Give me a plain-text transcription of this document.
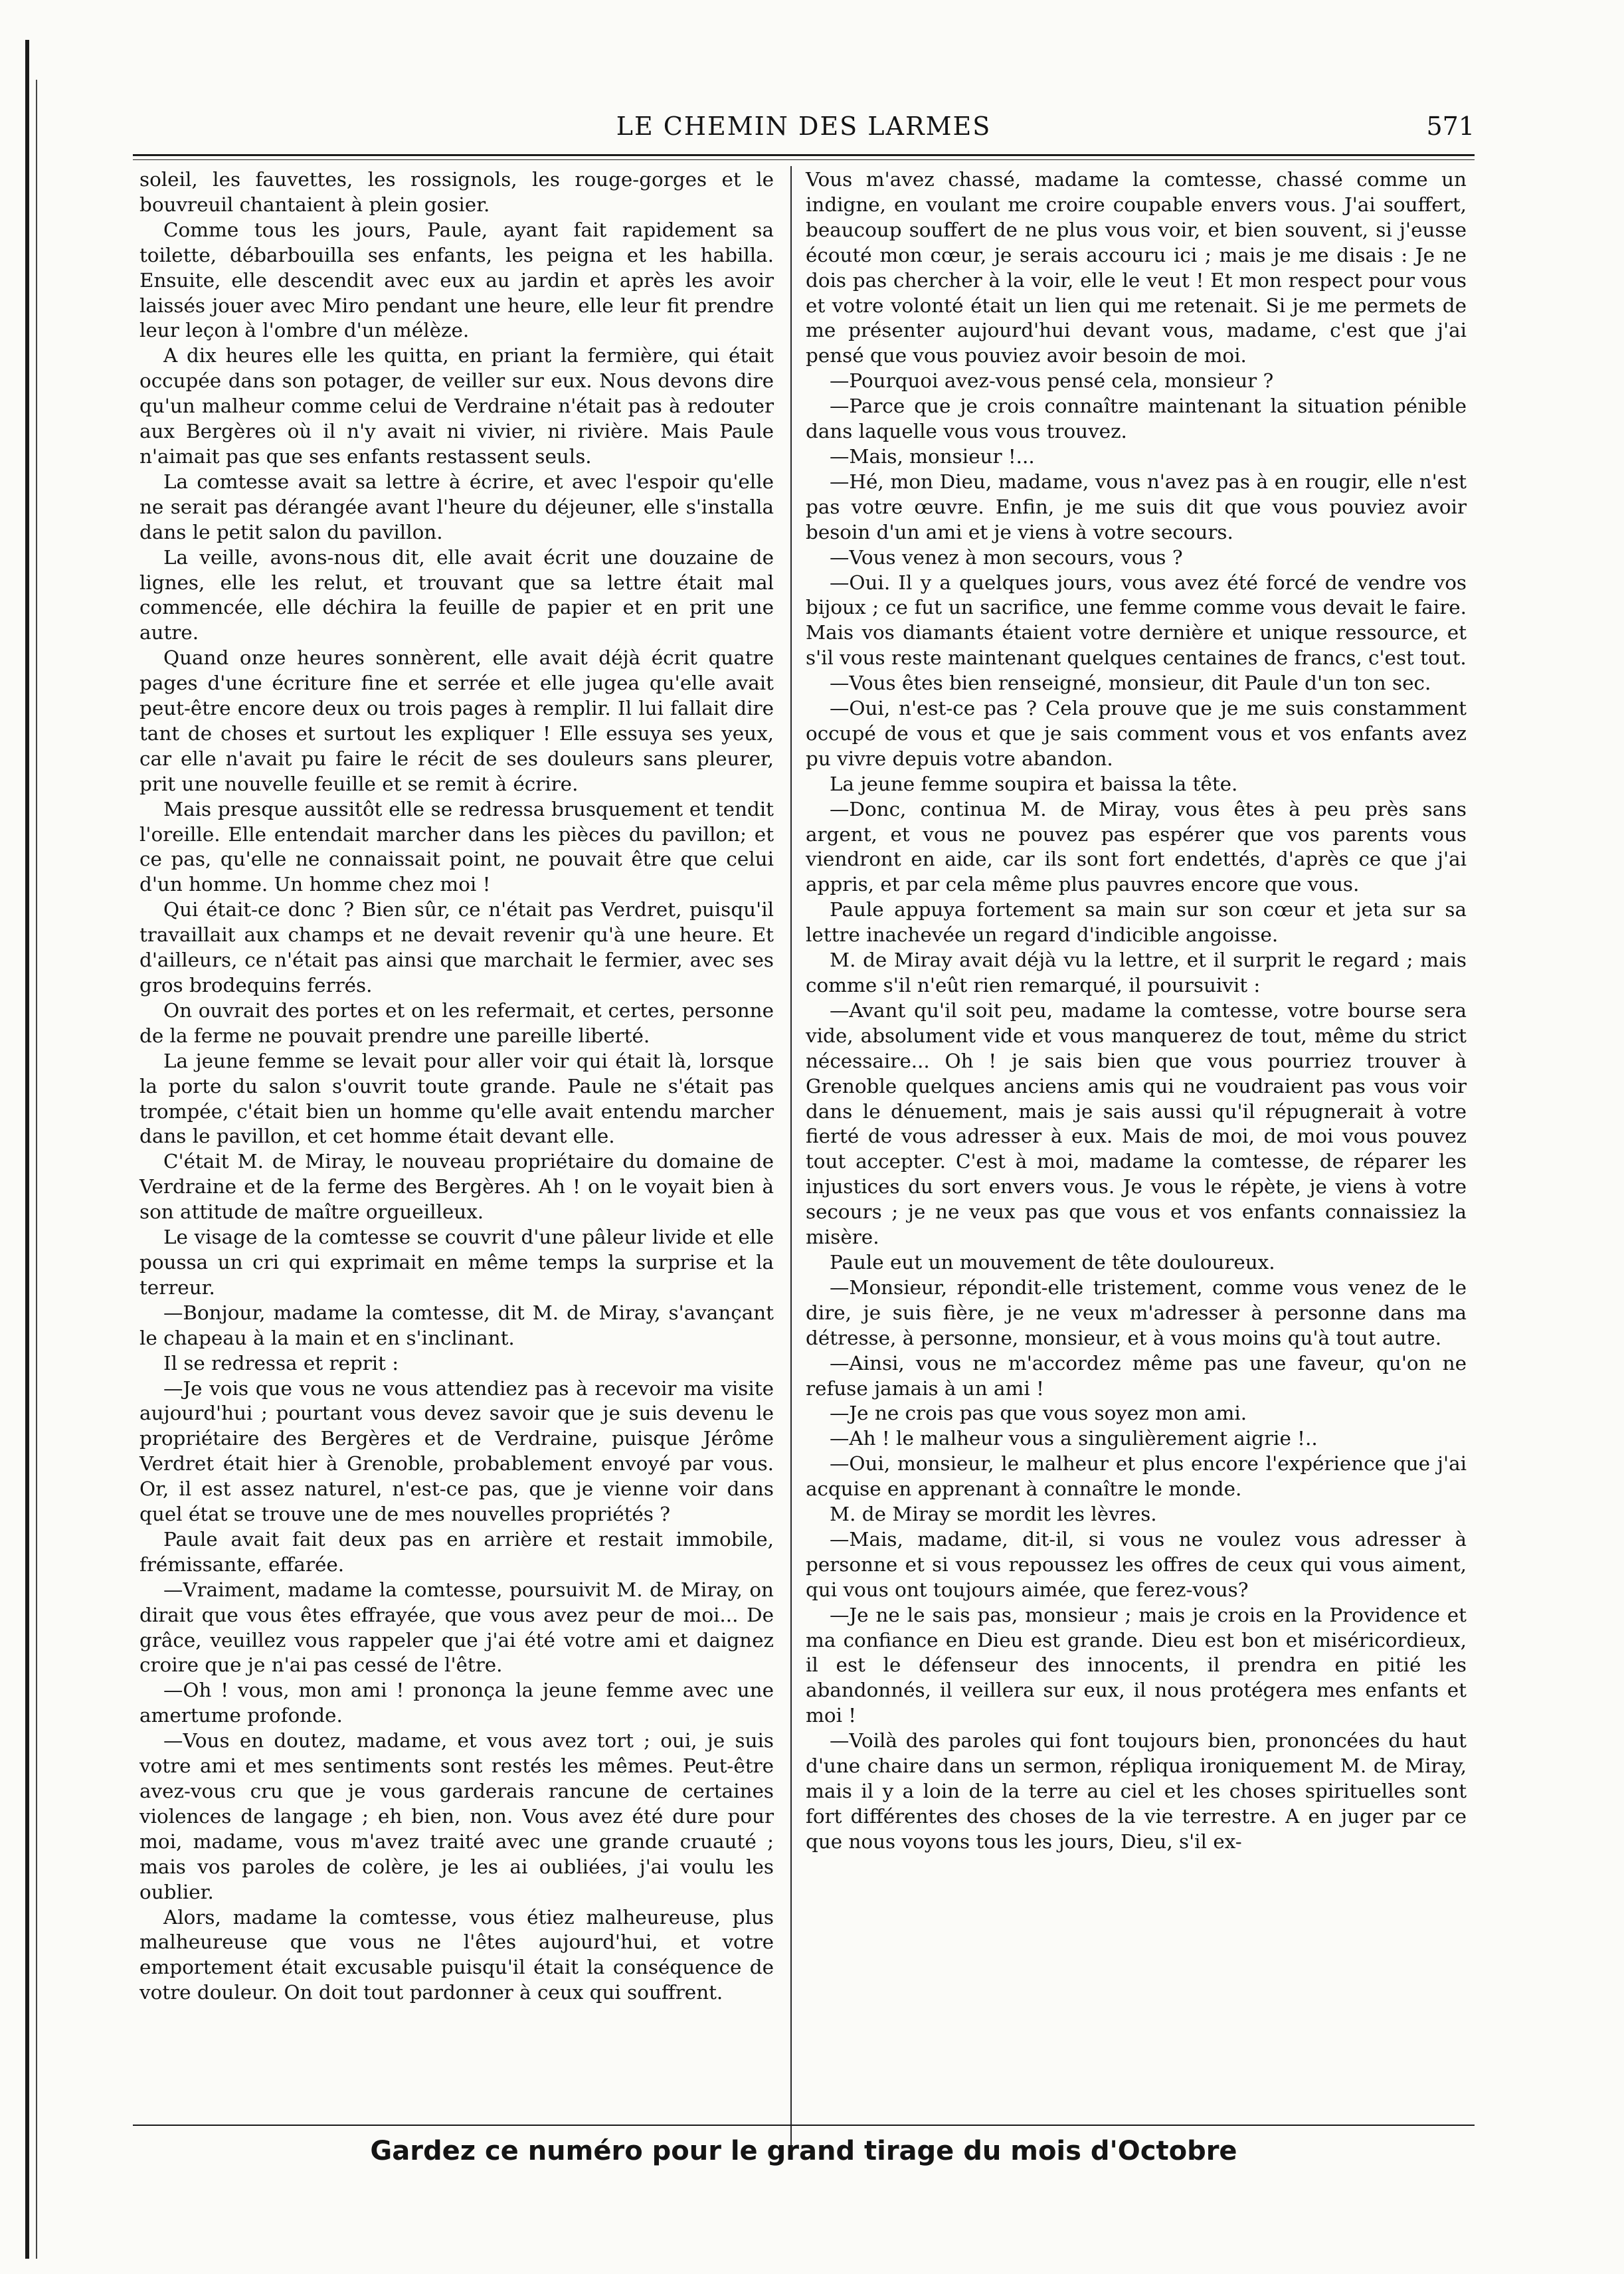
LE CHEMIN DES LARMES	571

soleil, les fauvettes, les rossignols, les rouge-gorges et le bouvreuil chantaient à plein gosier.

Comme tous les jours, Paule, ayant fait rapidement sa toilette, débarbouilla ses enfants, les peigna et les habilla. Ensuite, elle descendit avec eux au jardin et après les avoir laissés jouer avec Miro pendant une heure, elle leur fit prendre leur leçon à l'ombre d'un mélèze.

A dix heures elle les quitta, en priant la fermière, qui était occupée dans son potager, de veiller sur eux. Nous devons dire qu'un malheur comme celui de Verdraine n'était pas à redouter aux Bergères où il n'y avait ni vivier, ni rivière. Mais Paule n'aimait pas que ses enfants restassent seuls.

La comtesse avait sa lettre à écrire, et avec l'espoir qu'elle ne serait pas dérangée avant l'heure du déjeuner, elle s'installa dans le petit salon du pavillon.

La veille, avons-nous dit, elle avait écrit une douzaine de lignes, elle les relut, et trouvant que sa lettre était mal commencée, elle déchira la feuille de papier et en prit une autre.

Quand onze heures sonnèrent, elle avait déjà écrit quatre pages d'une écriture fine et serrée et elle jugea qu'elle avait peut-être encore deux ou trois pages à remplir. Il lui fallait dire tant de choses et surtout les expliquer ! Elle essuya ses yeux, car elle n'avait pu faire le récit de ses douleurs sans pleurer, prit une nouvelle feuille et se remit à écrire.

Mais presque aussitôt elle se redressa brusquement et tendit l'oreille. Elle entendait marcher dans les pièces du pavillon; et ce pas, qu'elle ne connaissait point, ne pouvait être que celui d'un homme. Un homme chez moi !

Qui était-ce donc ? Bien sûr, ce n'était pas Verdret, puisqu'il travaillait aux champs et ne devait revenir qu'à une heure. Et d'ailleurs, ce n'était pas ainsi que marchait le fermier, avec ses gros brodequins ferrés.

On ouvrait des portes et on les refermait, et certes, personne de la ferme ne pouvait prendre une pareille liberté.

La jeune femme se levait pour aller voir qui était là, lorsque la porte du salon s'ouvrit toute grande. Paule ne s'était pas trompée, c'était bien un homme qu'elle avait entendu marcher dans le pavillon, et cet homme était devant elle.

C'était M. de Miray, le nouveau propriétaire du domaine de Verdraine et de la ferme des Bergères. Ah ! on le voyait bien à son attitude de maître orgueilleux.

Le visage de la comtesse se couvrit d'une pâleur livide et elle poussa un cri qui exprimait en même temps la surprise et la terreur.

—Bonjour, madame la comtesse, dit M. de Miray, s'avançant le chapeau à la main et en s'inclinant.

Il se redressa et reprit :

—Je vois que vous ne vous attendiez pas à recevoir ma visite aujourd'hui ; pourtant vous devez savoir que je suis devenu le propriétaire des Bergères et de Verdraine, puisque Jérôme Verdret était hier à Grenoble, probablement envoyé par vous. Or, il est assez naturel, n'est-ce pas, que je vienne voir dans quel état se trouve une de mes nouvelles propriétés ?

Paule avait fait deux pas en arrière et restait immobile, frémissante, effarée.

—Vraiment, madame la comtesse, poursuivit M. de Miray, on dirait que vous êtes effrayée, que vous avez peur de moi... De grâce, veuillez vous rappeler que j'ai été votre ami et daignez croire que je n'ai pas cessé de l'être.

—Oh ! vous, mon ami ! prononça la jeune femme avec une amertume profonde.

—Vous en doutez, madame, et vous avez tort ; oui, je suis votre ami et mes sentiments sont restés les mêmes. Peut-être avez-vous cru que je vous garderais rancune de certaines violences de langage ; eh bien, non. Vous avez été dure pour moi, madame, vous m'avez traité avec une grande cruauté ; mais vos paroles de colère, je les ai oubliées, j'ai voulu les oublier.

Alors, madame la comtesse, vous étiez malheureuse, plus malheureuse que vous ne l'êtes aujourd'hui, et votre emportement était excusable puisqu'il était la conséquence de votre douleur. On doit tout pardonner à ceux qui souffrent.

Vous m'avez chassé, madame la comtesse, chassé comme un indigne, en voulant me croire coupable envers vous. J'ai souffert, beaucoup souffert de ne plus vous voir, et bien souvent, si j'eusse écouté mon cœur, je serais accouru ici ; mais je me disais : Je ne dois pas chercher à la voir, elle le veut ! Et mon respect pour vous et votre volonté était un lien qui me retenait. Si je me permets de me présenter aujourd'hui devant vous, madame, c'est que j'ai pensé que vous pouviez avoir besoin de moi.

—Pourquoi avez-vous pensé cela, monsieur ?

—Parce que je crois connaître maintenant la situation pénible dans laquelle vous vous trouvez.

—Mais, monsieur !...

—Hé, mon Dieu, madame, vous n'avez pas à en rougir, elle n'est pas votre œuvre. Enfin, je me suis dit que vous pouviez avoir besoin d'un ami et je viens à votre secours.

—Vous venez à mon secours, vous ?

—Oui. Il y a quelques jours, vous avez été forcé de vendre vos bijoux ; ce fut un sacrifice, une femme comme vous devait le faire. Mais vos diamants étaient votre dernière et unique ressource, et s'il vous reste maintenant quelques centaines de francs, c'est tout.

—Vous êtes bien renseigné, monsieur, dit Paule d'un ton sec.

—Oui, n'est-ce pas ? Cela prouve que je me suis constamment occupé de vous et que je sais comment vous et vos enfants avez pu vivre depuis votre abandon.

La jeune femme soupira et baissa la tête.

—Donc, continua M. de Miray, vous êtes à peu près sans argent, et vous ne pouvez pas espérer que vos parents vous viendront en aide, car ils sont fort endettés, d'après ce que j'ai appris, et par cela même plus pauvres encore que vous.

Paule appuya fortement sa main sur son cœur et jeta sur sa lettre inachevée un regard d'indicible angoisse.

M. de Miray avait déjà vu la lettre, et il surprit le regard ; mais comme s'il n'eût rien remarqué, il poursuivit :

—Avant qu'il soit peu, madame la comtesse, votre bourse sera vide, absolument vide et vous manquerez de tout, même du strict nécessaire... Oh ! je sais bien que vous pourriez trouver à Grenoble quelques anciens amis qui ne voudraient pas vous voir dans le dénuement, mais je sais aussi qu'il répugnerait à votre fierté de vous adresser à eux. Mais de moi, de moi vous pouvez tout accepter. C'est à moi, madame la comtesse, de réparer les injustices du sort envers vous. Je vous le répète, je viens à votre secours ; je ne veux pas que vous et vos enfants connaissiez la misère.

Paule eut un mouvement de tête douloureux.

—Monsieur, répondit-elle tristement, comme vous venez de le dire, je suis fière, je ne veux m'adresser à personne dans ma détresse, à personne, monsieur, et à vous moins qu'à tout autre.

—Ainsi, vous ne m'accordez même pas une faveur, qu'on ne refuse jamais à un ami !

—Je ne crois pas que vous soyez mon ami.

—Ah ! le malheur vous a singulièrement aigrie !..

—Oui, monsieur, le malheur et plus encore l'expérience que j'ai acquise en apprenant à connaître le monde.

M. de Miray se mordit les lèvres.

—Mais, madame, dit-il, si vous ne voulez vous adresser à personne et si vous repoussez les offres de ceux qui vous aiment, qui vous ont toujours aimée, que ferez-vous?

—Je ne le sais pas, monsieur ; mais je crois en la Providence et ma confiance en Dieu est grande. Dieu est bon et miséricordieux, il est le défenseur des innocents, il prendra en pitié les abandonnés, il veillera sur eux, il nous protégera mes enfants et moi !

—Voilà des paroles qui font toujours bien, prononcées du haut d'une chaire dans un sermon, répliqua ironiquement M. de Miray, mais il y a loin de la terre au ciel et les choses spirituelles sont fort différentes des choses de la vie terrestre. A en juger par ce que nous voyons tous les jours, Dieu, s'il ex-

Gardez ce numéro pour le grand tirage du mois d'Octobre
